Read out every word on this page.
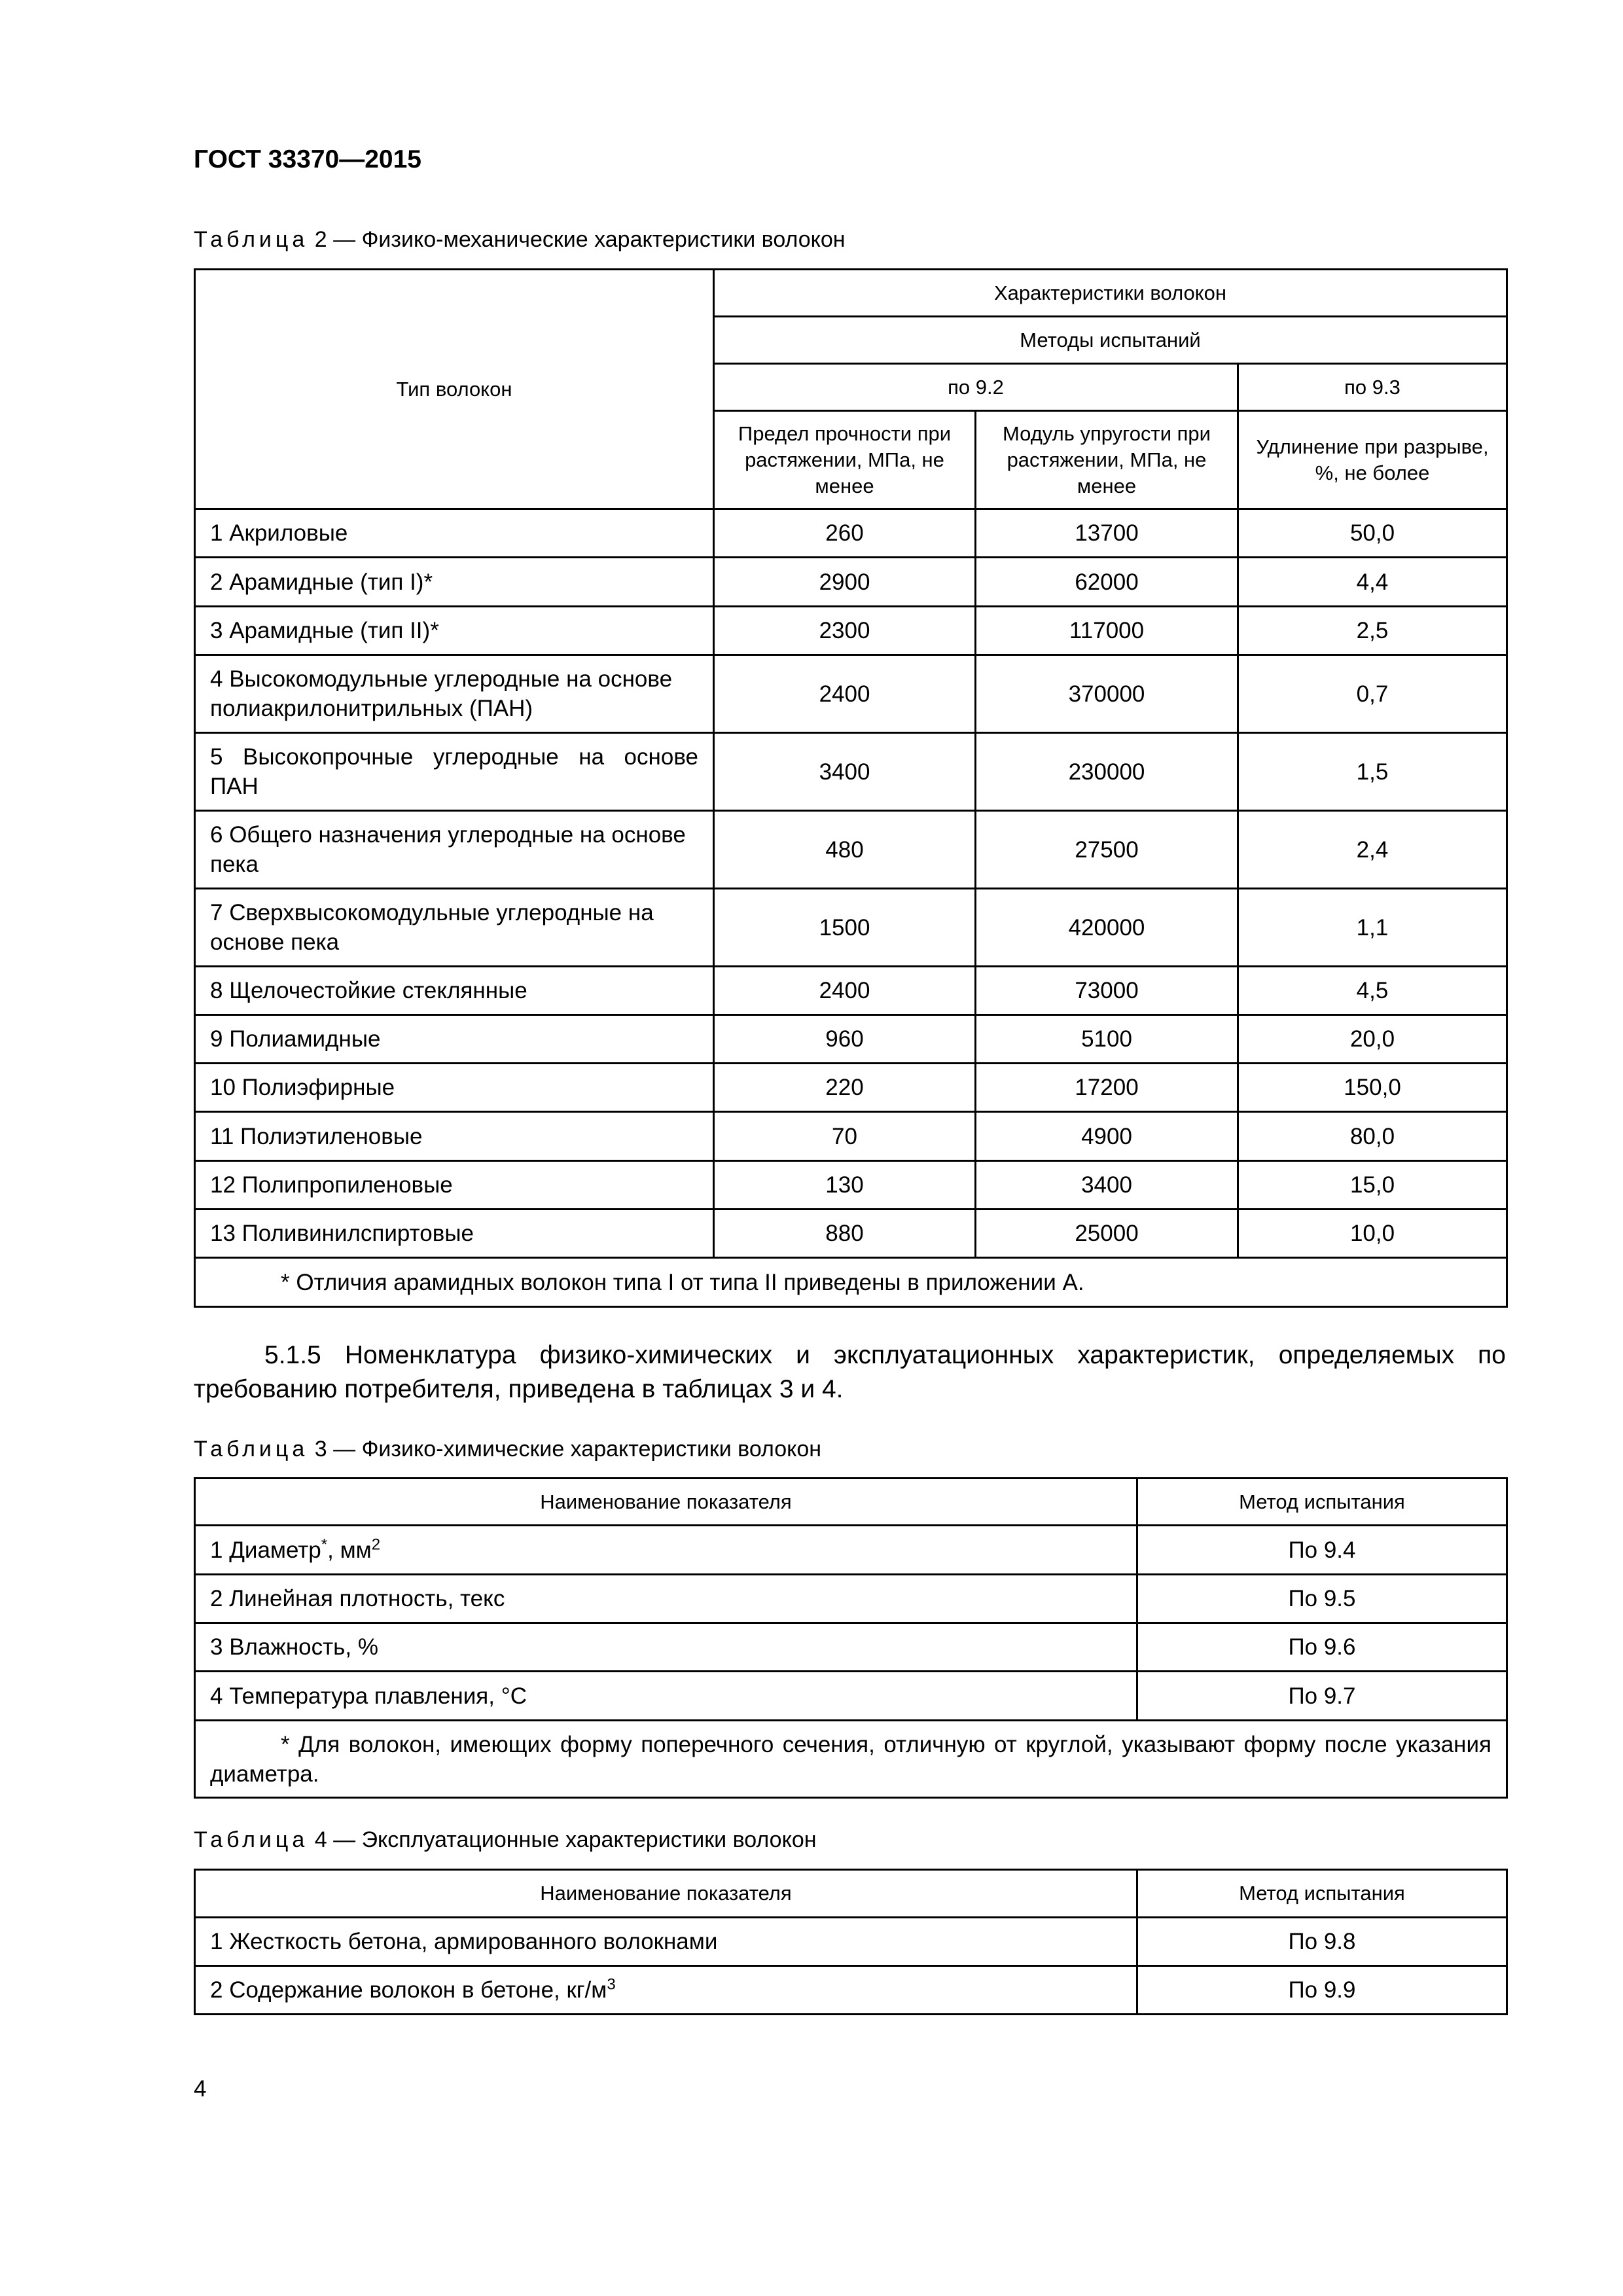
ГОСТ 33370—2015
Таблица 2 — Физико-механические характеристики волокон
Тип волокон	Характеристики волокон		
	Методы испытаний		
	по 9.2		по 9.3
	Предел прочности при растяжении, МПа, не менее	Модуль упругости при растяжении, МПа, не менее	Удлинение при разрыве, %, не более
1 Акриловые	260	13700	50,0
2 Арамидные (тип I)*	2900	62000	4,4
3 Арамидные (тип II)*	2300	117000	2,5
4 Высокомодульные углеродные на основе полиакрилонитрильных (ПАН)	2400	370000	0,7
5 Высокопрочные углеродные на основе ПАН	3400	230000	1,5
6 Общего назначения углеродные на основе пека	480	27500	2,4
7 Сверхвысокомодульные углеродные на основе пека	1500	420000	1,1
8 Щелочестойкие стеклянные	2400	73000	4,5
9 Полиамидные	960	5100	20,0
10 Полиэфирные	220	17200	150,0
11 Полиэтиленовые	70	4900	80,0
12 Полипропиленовые	130	3400	15,0
13 Поливинилспиртовые	880	25000	10,0
* Отличия арамидных волокон типа I от типа II приведены в приложении А.			
5.1.5 Номенклатура физико-химических и эксплуатационных характеристик, определяемых по требованию потребителя, приведена в таблицах 3 и 4.
Таблица 3 — Физико-химические характеристики волокон
Наименование показателя	Метод испытания
1 Диаметр*, $мм^2$	По 9.4
2 Линейная плотность, текс	По 9.5
3 Влажность, %	По 9.6
4 Температура плавления, °С	По 9.7
* Для волокон, имеющих форму поперечного сечения, отличную от круглой, указывают форму после указания диаметра.	
Таблица 4 — Эксплуатационные характеристики волокон
Наименование показателя	Метод испытания
1 Жесткость бетона, армированного волокнами	По 9.8
2 Содержание волокон в бетоне, $кг/м^3$	По 9.9
4
